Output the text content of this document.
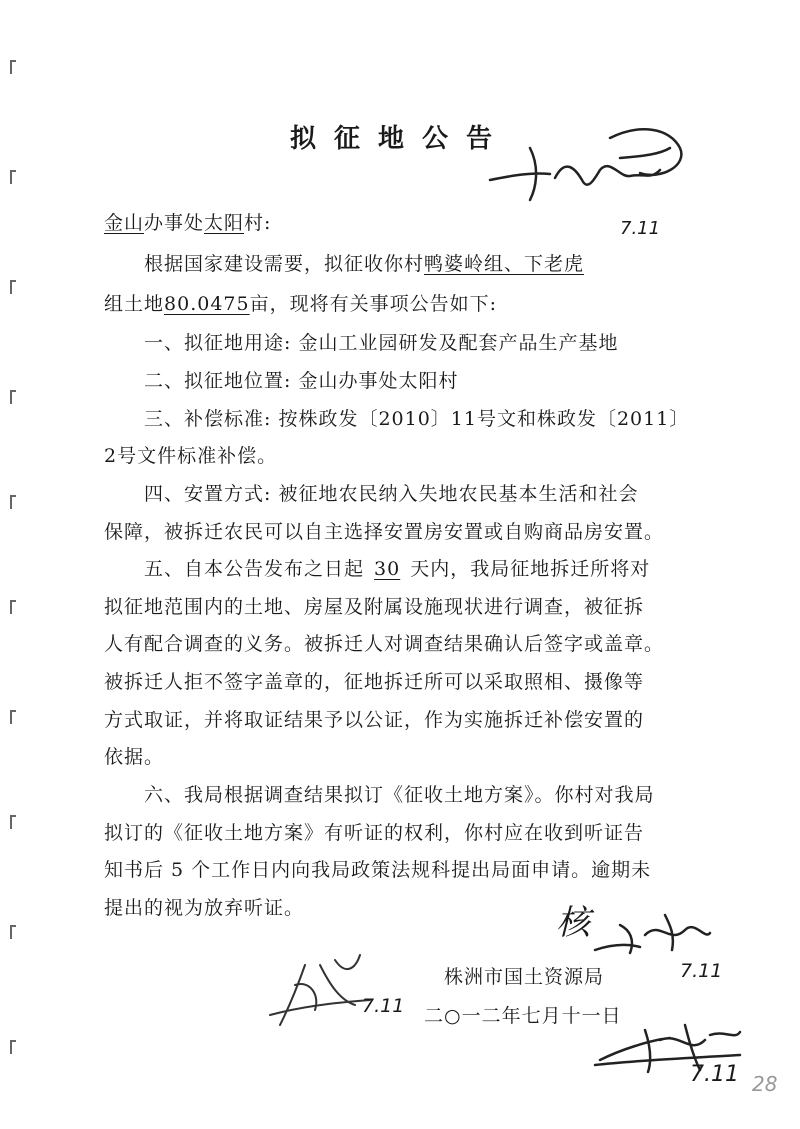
拟征地公告
7.11
金山办事处太阳村:
根据国家建设需要，拟征收你村鸭婆岭组、下老虎
组土地80.0475亩，现将有关事项公告如下:
一、拟征地用途: 金山工业园研发及配套产品生产基地
二、拟征地位置: 金山办事处太阳村
三、补偿标准: 按株政发〔2010〕11号文和株政发〔2011〕
2号文件标准补偿。
四、安置方式: 被征地农民纳入失地农民基本生活和社会
保障，被拆迁农民可以自主选择安置房安置或自购商品房安置。
五、自本公告发布之日起 30 天内，我局征地拆迁所将对
拟征地范围内的土地、房屋及附属设施现状进行调查，被征拆
人有配合调查的义务。被拆迁人对调查结果确认后签字或盖章。
被拆迁人拒不签字盖章的，征地拆迁所可以采取照相、摄像等
方式取证，并将取证结果予以公证，作为实施拆迁补偿安置的
依据。
六、我局根据调查结果拟订《征收土地方案》。你村对我局
拟订的《征收土地方案》有听证的权利，你村应在收到听证告
知书后 5 个工作日内向我局政策法规科提出局面申请。逾期未
提出的视为放弃听证。	核
7.11
7.11
株洲市国土资源局
二○一二年七月十一日
7.11 28
